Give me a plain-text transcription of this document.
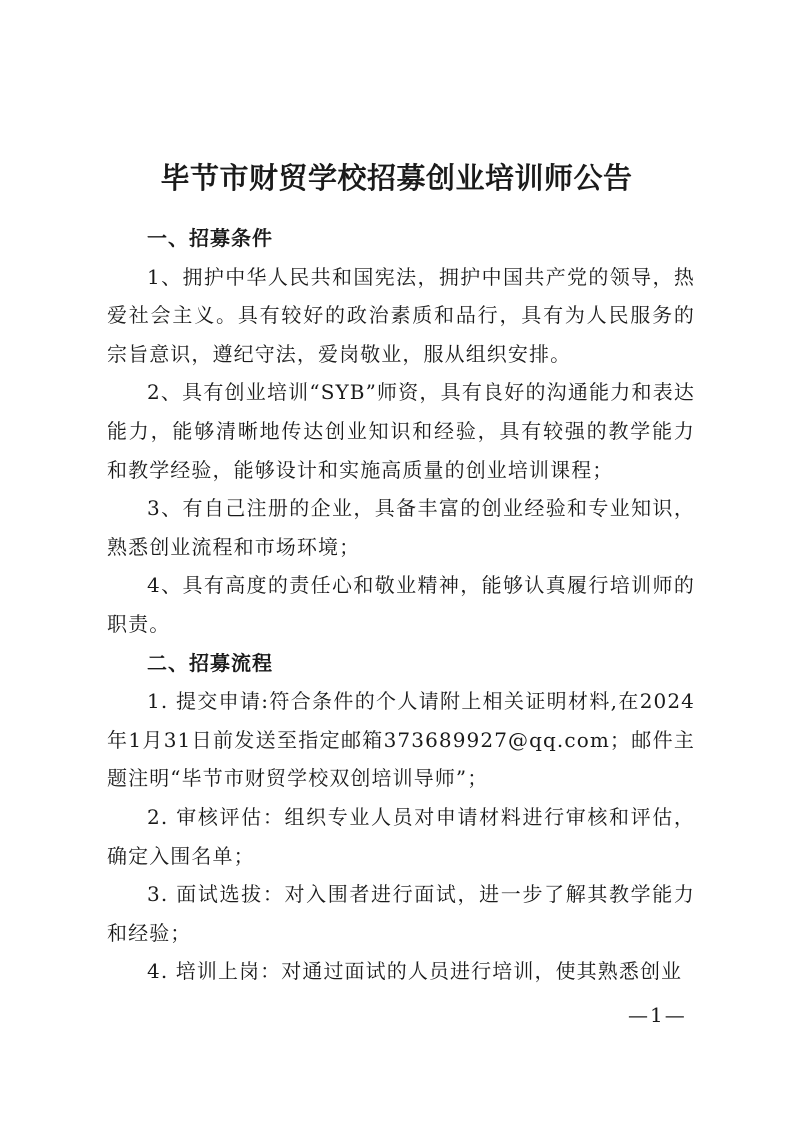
毕节市财贸学校招募创业培训师公告

一、招募条件

1、拥护中华人民共和国宪法，拥护中国共产党的领导，热爱社会主义。具有较好的政治素质和品行，具有为人民服务的宗旨意识，遵纪守法，爱岗敬业，服从组织安排。

2、具有创业培训“SYB”师资，具有良好的沟通能力和表达能力，能够清晰地传达创业知识和经验，具有较强的教学能力和教学经验，能够设计和实施高质量的创业培训课程；

3、有自己注册的企业，具备丰富的创业经验和专业知识，熟悉创业流程和市场环境；

4、具有高度的责任心和敬业精神，能够认真履行培训师的职责。

二、招募流程

1. 提交申请:符合条件的个人请附上相关证明材料,在2024年1月31日前发送至指定邮箱373689927@qq.com；邮件主题注明“毕节市财贸学校双创培训导师”；

2. 审核评估：组织专业人员对申请材料进行审核和评估，确定入围名单；

3. 面试选拔：对入围者进行面试，进一步了解其教学能力和经验；

4. 培训上岗：对通过面试的人员进行培训，使其熟悉创业

—1—
